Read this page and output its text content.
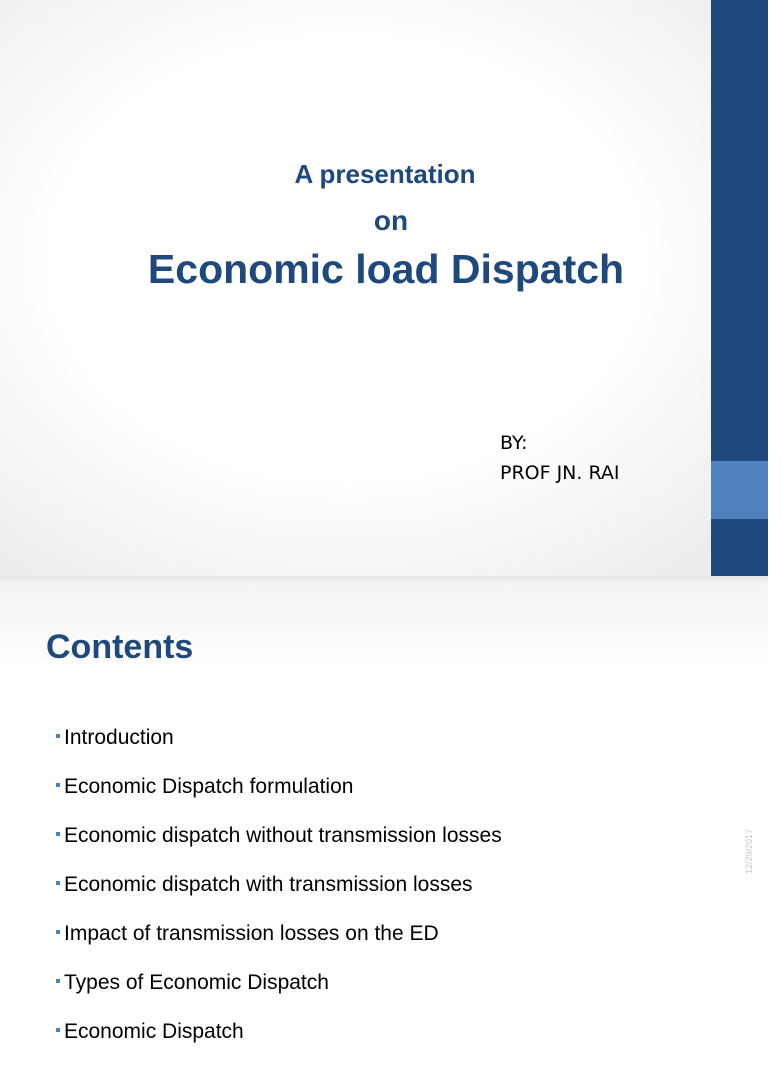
A presentation
on
Economic load Dispatch
BY:
PROF JN. RAI
Contents
12/29/2017
Introduction
Economic Dispatch formulation
Economic dispatch without transmission losses
Economic dispatch with transmission losses
Impact of transmission losses on the ED
Types of Economic Dispatch
Economic Dispatch
